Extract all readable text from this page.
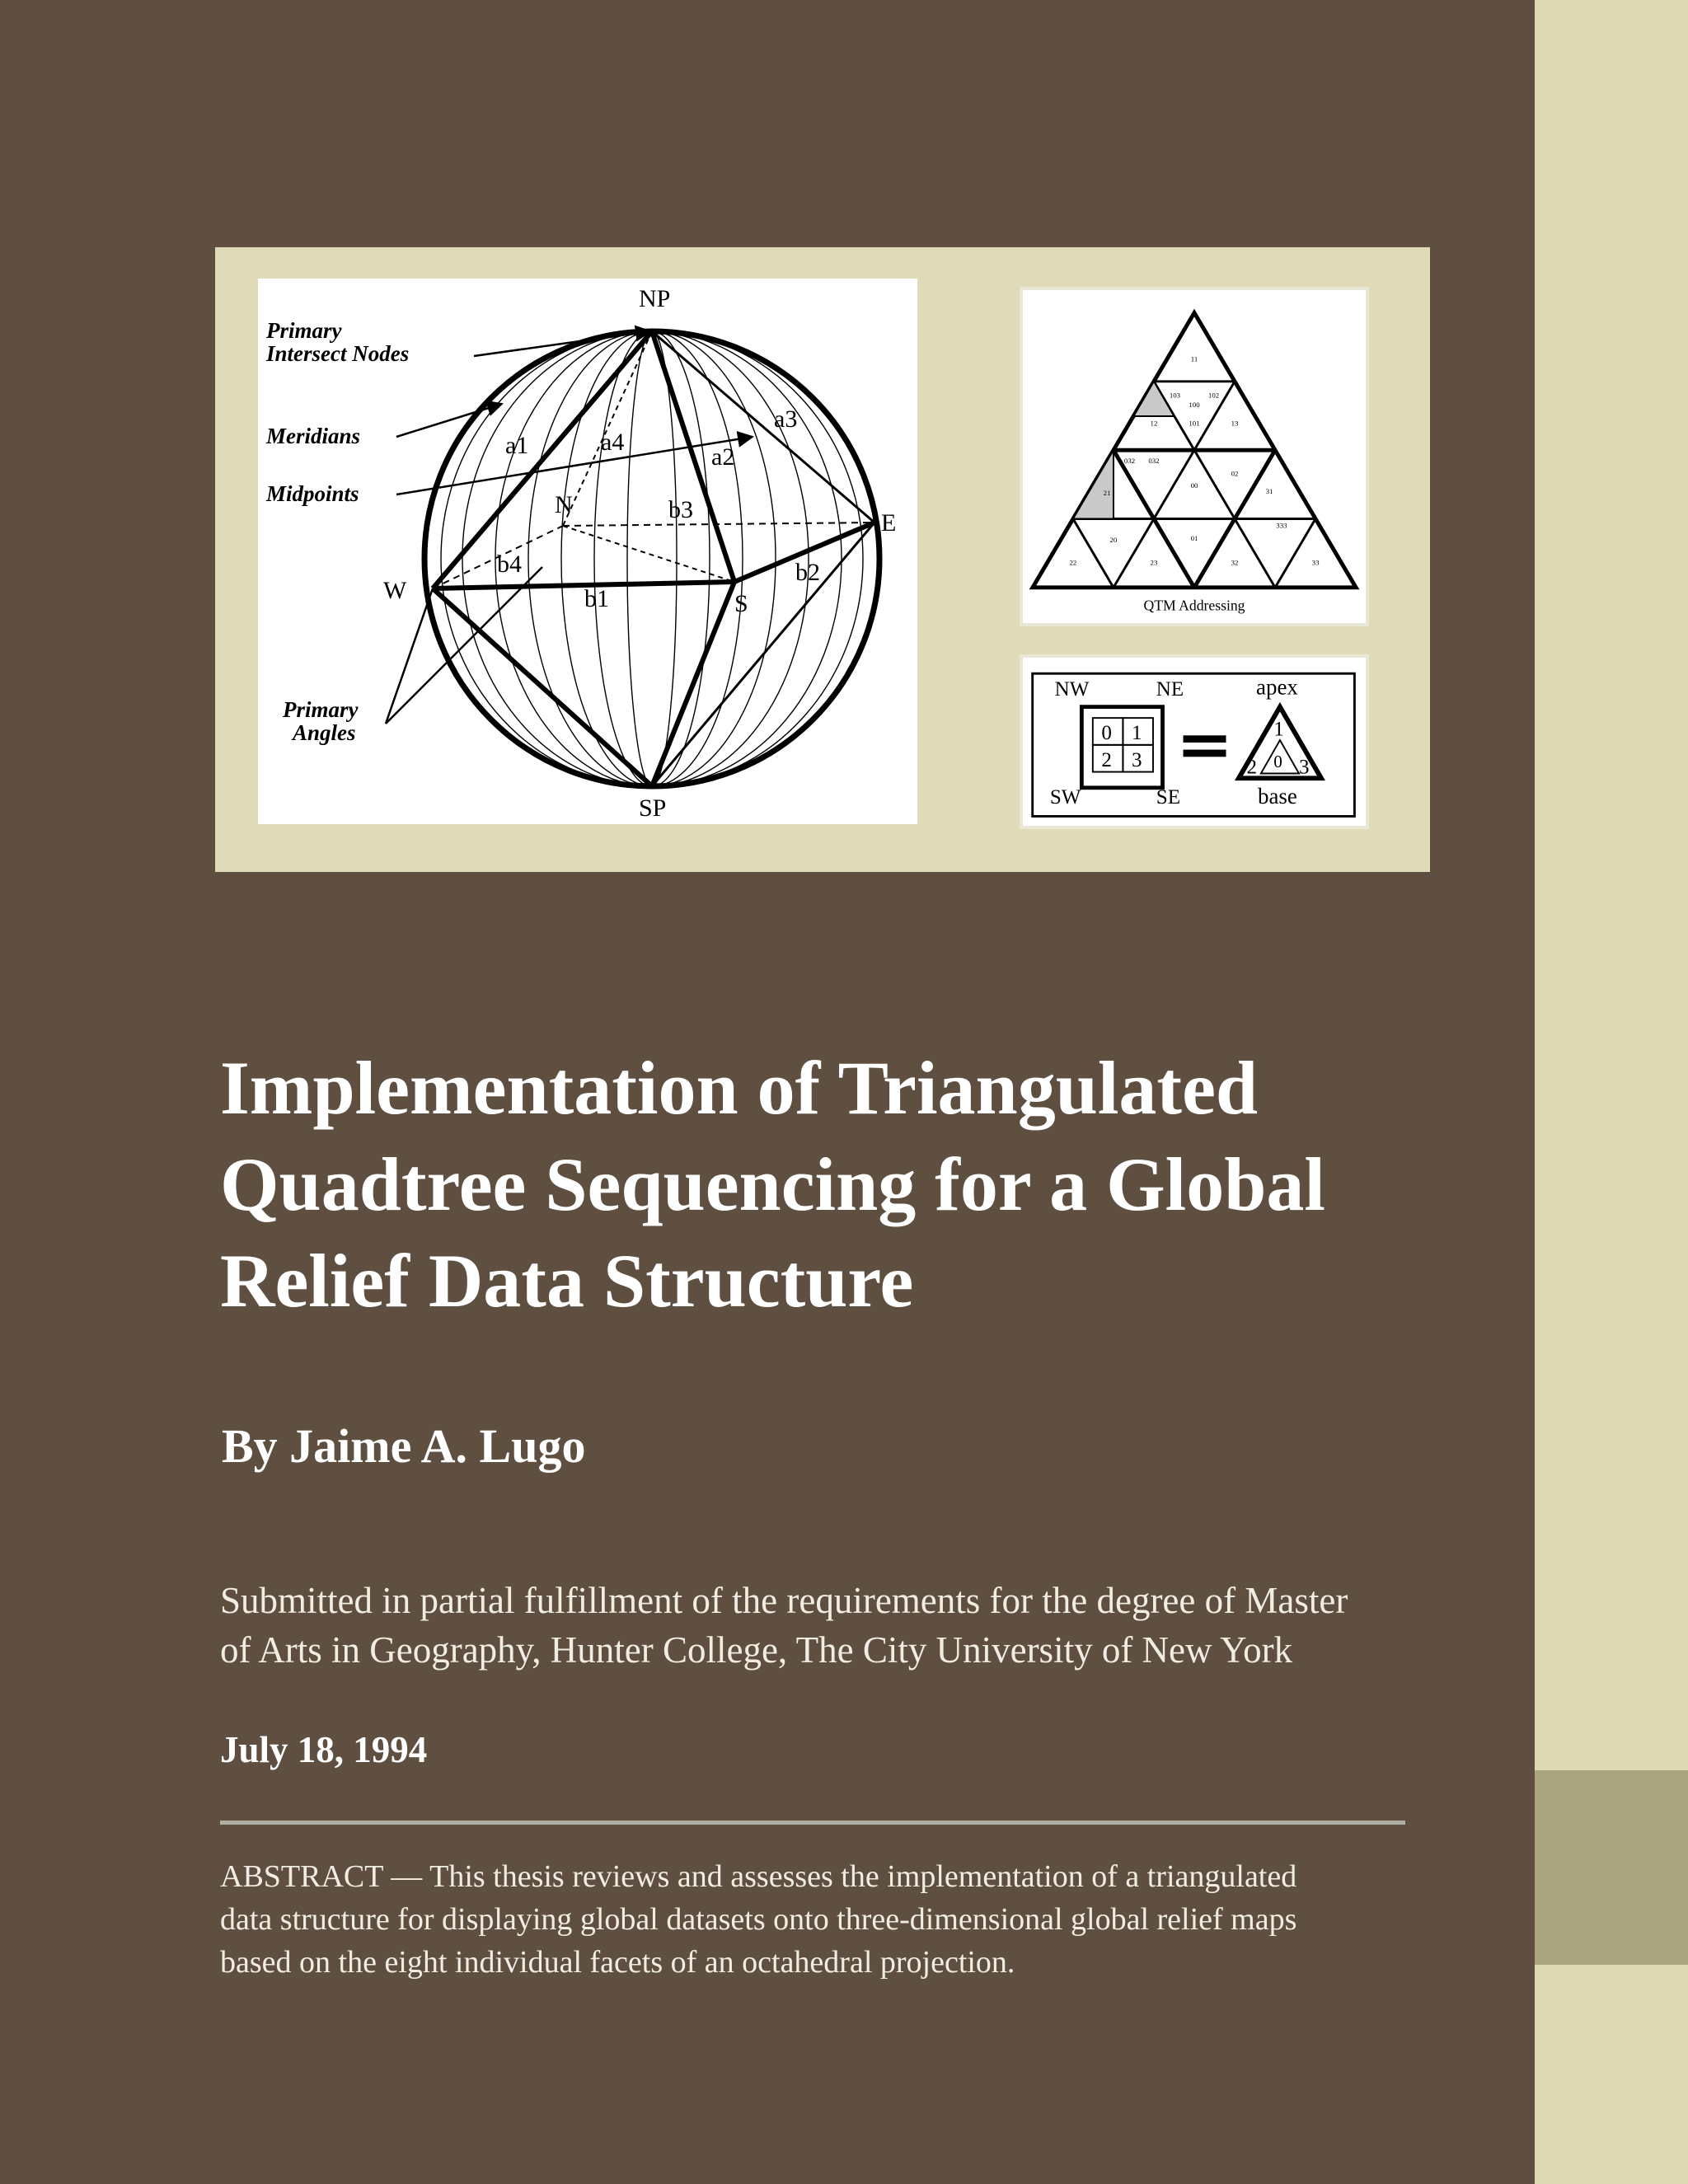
NP
SP
W
E
N
S
a1	a2
a3
a4
b1
b2
b3
b4
Primary
Intersect Nodes
Meridians
Midpoints
Primary
Angles
11
103	102
100
12	101	13
032 032
00
02
31
21
333
20	01
22	23	32	33
QTM Addressing
NW	NE
SW	SE
0 1
2 3
apex
base
1
2 0 3
Implementation of Triangulated
Quadtree Sequencing for a Global
Relief Data Structure

By Jaime A. Lugo

Submitted in partial fulfillment of the requirements for the degree of Master
of Arts in Geography, Hunter College, The City University of New York

July 18, 1994

ABSTRACT — This thesis reviews and assesses the implementation of a triangulated
data structure for displaying global datasets onto three-dimensional global relief maps
based on the eight individual facets of an octahedral projection.
